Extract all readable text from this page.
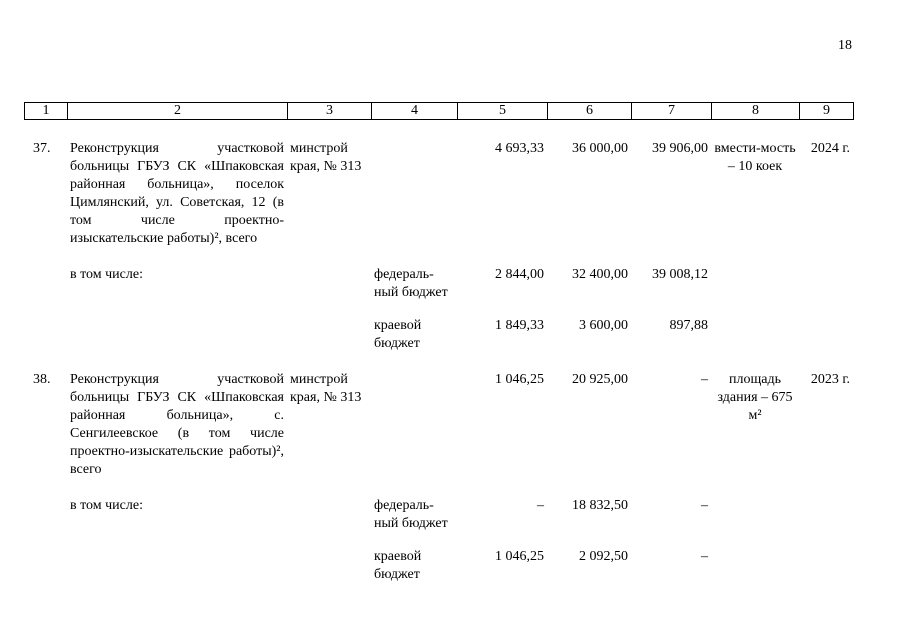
18
1	2	3	4	5	6	7	8	9
37.	Реконструкция участковой больницы ГБУЗ СК «Шпаковская районная больница», поселок Цимлянский, ул. Советская, 12 (в том числе проектно-изыскательские работы)², всего	минстрой края, № 313		4 693,33	36 000,00	39 906,00	вмести-мость – 10 коек	2024 г.

	в том числе:		федераль-ный бюджет	2 844,00	32 400,00	39 008,12		

			краевой бюджет	1 849,33	3 600,00	897,88		

38.	Реконструкция участковой больницы ГБУЗ СК «Шпаковская районная больница», с. Сенгилеевское (в том числе проектно-изыскательские работы)², всего	минстрой края, № 313		1 046,25	20 925,00	–	площадь здания – 675 м²	2023 г.

	в том числе:		федераль-ный бюджет	–	18 832,50	–		

			краевой бюджет	1 046,25	2 092,50	–		
